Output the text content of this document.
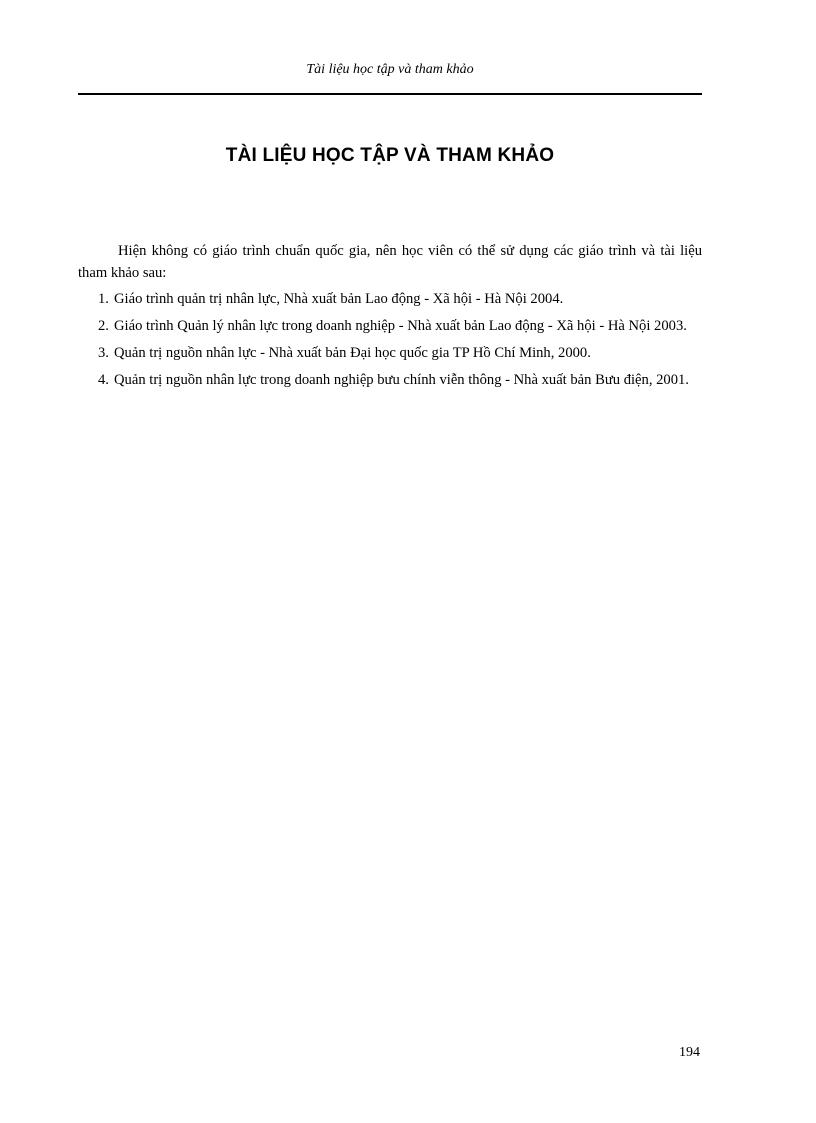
Tài liệu học tập và tham khảo
TÀI LIỆU HỌC TẬP VÀ THAM KHẢO

Hiện không có giáo trình chuẩn quốc gia, nên học viên có thể sử dụng các giáo trình và tài liệu tham khảo sau:

1. Giáo trình quản trị nhân lực, Nhà xuất bản Lao động - Xã hội - Hà Nội 2004.
2. Giáo trình Quản lý nhân lực trong doanh nghiệp - Nhà xuất bản Lao động - Xã hội - Hà Nội 2003.
3. Quản trị nguồn nhân lực - Nhà xuất bản Đại học quốc gia TP Hồ Chí Minh, 2000.
4. Quản trị nguồn nhân lực trong doanh nghiệp bưu chính viễn thông - Nhà xuất bản Bưu điện, 2001.
194
